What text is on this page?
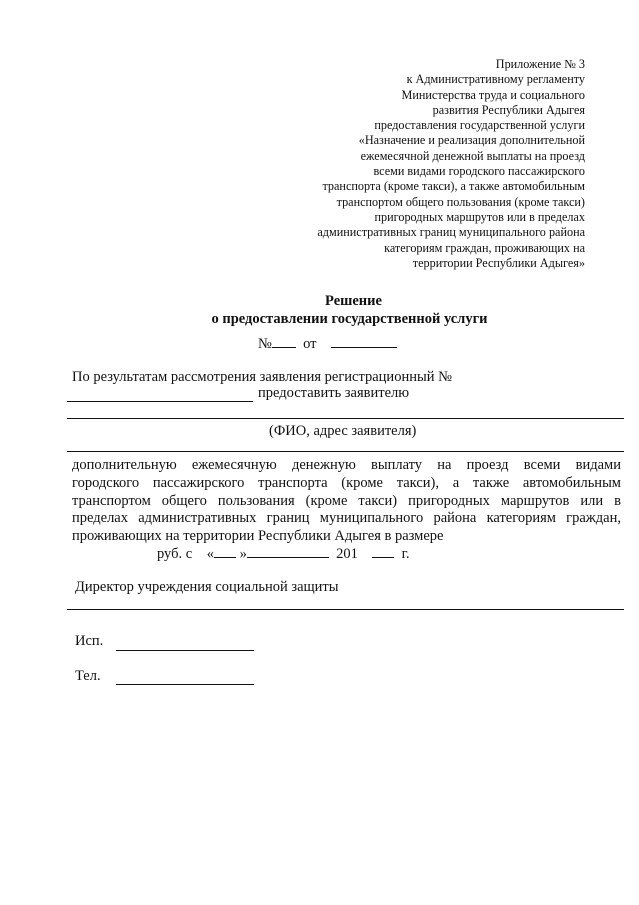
Приложение № 3
к Административному регламенту
Министерства труда и социального
развития Республики Адыгея
предоставления государственной услуги
«Назначение и реализация дополнительной
ежемесячной денежной выплаты на проезд
всеми видами городского пассажирского
транспорта (кроме такси), а также автомобильным
транспортом общего пользования (кроме такси)
пригородных маршрутов или в пределах
административных границ муниципального района
категориям граждан, проживающих на
территории Республики Адыгея»
Решение
о предоставлении государственной услуги
№ от
По результатам рассмотрения заявления регистрационный №
предоставить заявителю
(ФИО, адрес заявителя)
дополнительную ежемесячную денежную выплату на проезд всеми видами
городского пассажирского транспорта (кроме такси), а также автомобильным
транспортом общего пользования (кроме такси) пригородных маршрутов или в
пределах административных границ муниципального района категориям граждан,
проживающих на территории Республики Адыгея в размере
руб. с « »	201	г.
Директор учреждения социальной защиты
Исп.
Тел.
